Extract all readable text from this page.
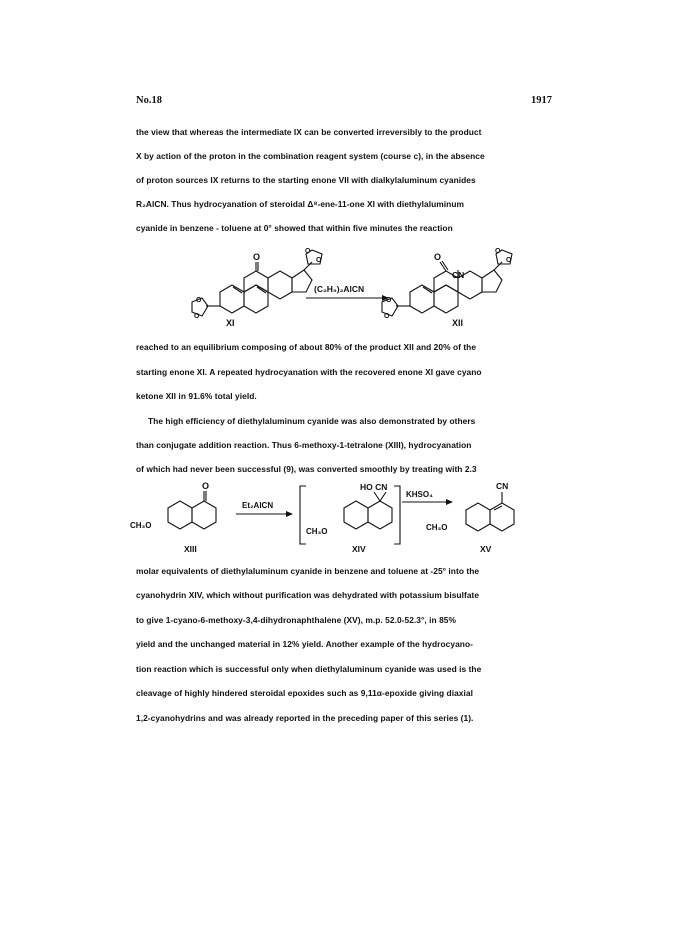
No.18	1917
the view that whereas the intermediate IX can be converted irreversibly to the product
X by action of the proton in the combination reagent system (course c), in the absence
of proton sources IX returns to the starting enone VII with dialkylaluminum cyanides
R₂AlCN. Thus hydrocyanation of steroidal Δ⁸-ene-11-one XI with diethylaluminum
cyanide in benzene - toluene at 0° showed that within five minutes the reaction
O
O
O
O
O
XI
(C₂H₅)₂AlCN
O
CN
O
O
O
O
XII
reached to an equilibrium composing of about 80% of the product XII and 20% of the
starting enone XI. A repeated hydrocyanation with the recovered enone XI gave cyano
ketone XII in 91.6% total yield.
The high efficiency of diethylaluminum cyanide was also demonstrated by others
than conjugate addition reaction. Thus 6-methoxy-1-tetralone (XIII), hydrocyanation
of which had never been successful (9), was converted smoothly by treating with 2.3
O
CH₃O
XIII
Et₂AlCN
HO CN
CH₃O
XIV
KHSO₄
CN
CH₃O
XV
molar equivalents of diethylaluminum cyanide in benzene and toluene at -25° into the
cyanohydrin XIV, which without purification was dehydrated with potassium bisulfate
to give 1-cyano-6-methoxy-3,4-dihydronaphthalene (XV), m.p. 52.0-52.3°, in 85%
yield and the unchanged material in 12% yield. Another example of the hydrocyano-
tion reaction which is successful only when diethylaluminum cyanide was used is the
cleavage of highly hindered steroidal epoxides such as 9,11α-epoxide giving diaxial
1,2-cyanohydrins and was already reported in the preceding paper of this series (1).
